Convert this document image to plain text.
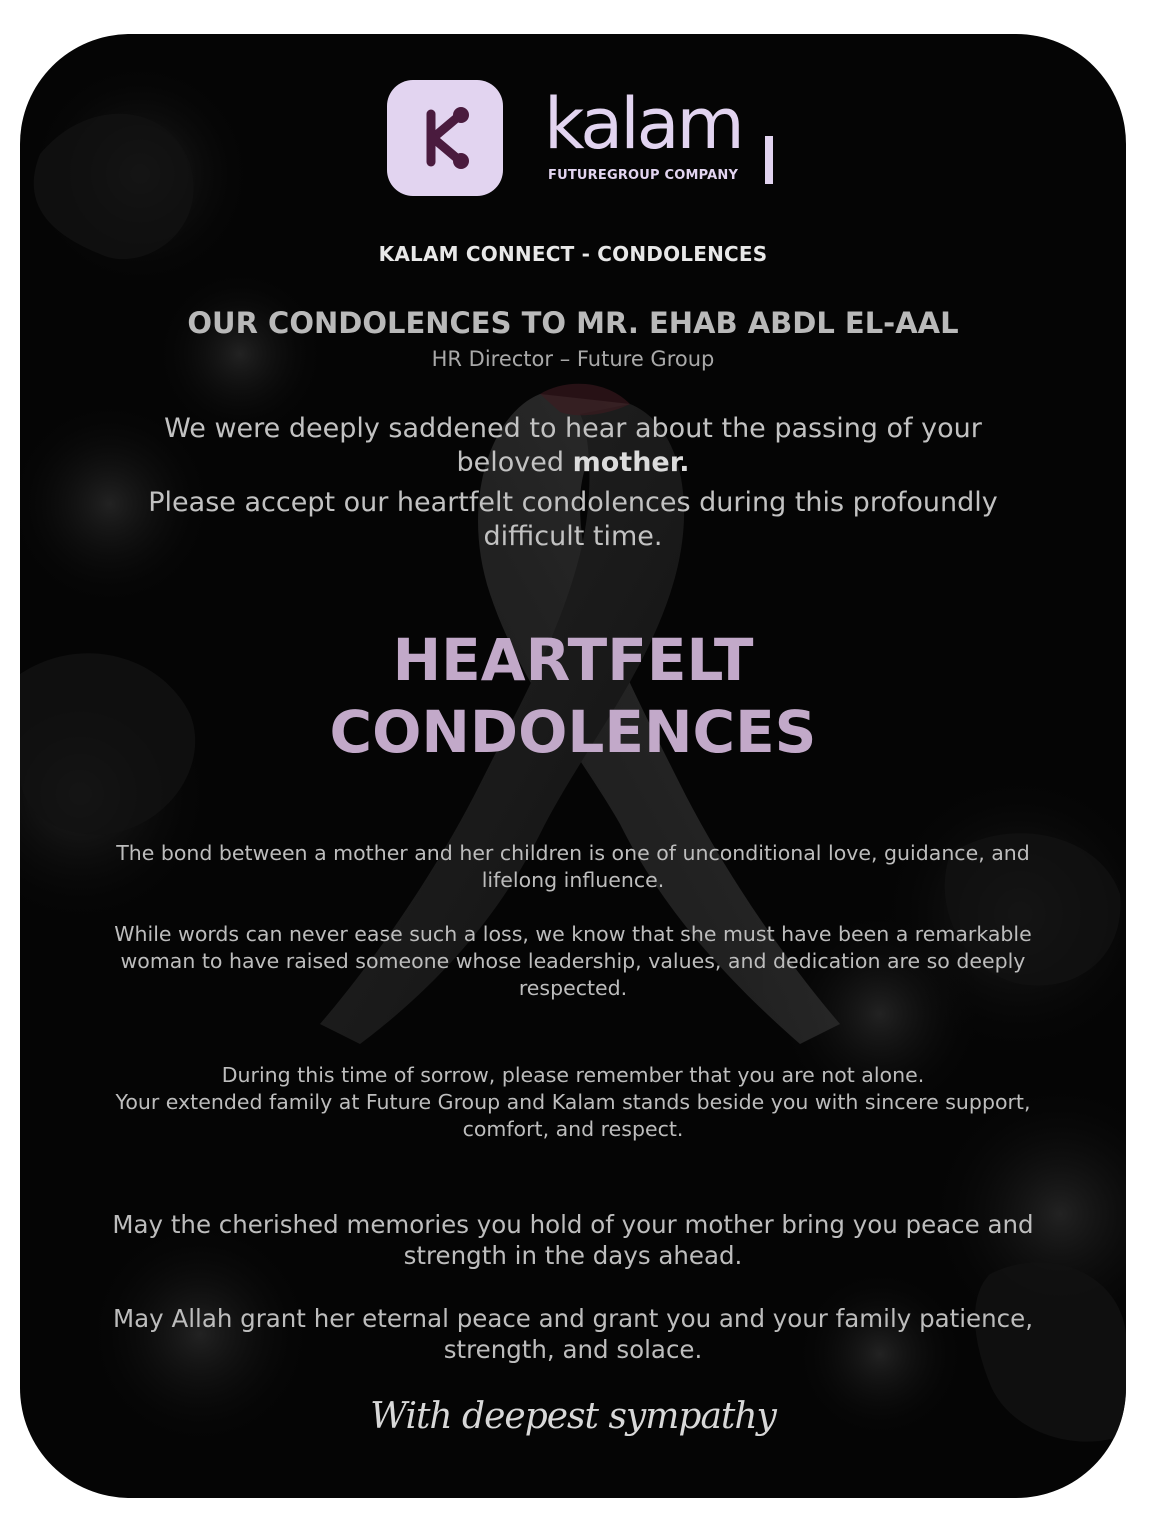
kalam
FUTUREGROUP COMPANY
KALAM CONNECT - CONDOLENCES
OUR CONDOLENCES TO MR. EHAB ABDL EL-AAL
HR Director – Future Group
We were deeply saddened to hear about the passing of your beloved mother.
Please accept our heartfelt condolences during this profoundly difficult time.
HEARTFELT
CONDOLENCES
The bond between a mother and her children is one of unconditional love, guidance, and lifelong influence.
While words can never ease such a loss, we know that she must have been a remarkable woman to have raised someone whose leadership, values, and dedication are so deeply respected.
During this time of sorrow, please remember that you are not alone.
Your extended family at Future Group and Kalam stands beside you with sincere support, comfort, and respect.
May the cherished memories you hold of your mother bring you peace and strength in the days ahead.
May Allah grant her eternal peace and grant you and your family patience, strength, and solace.
With deepest sympathy
